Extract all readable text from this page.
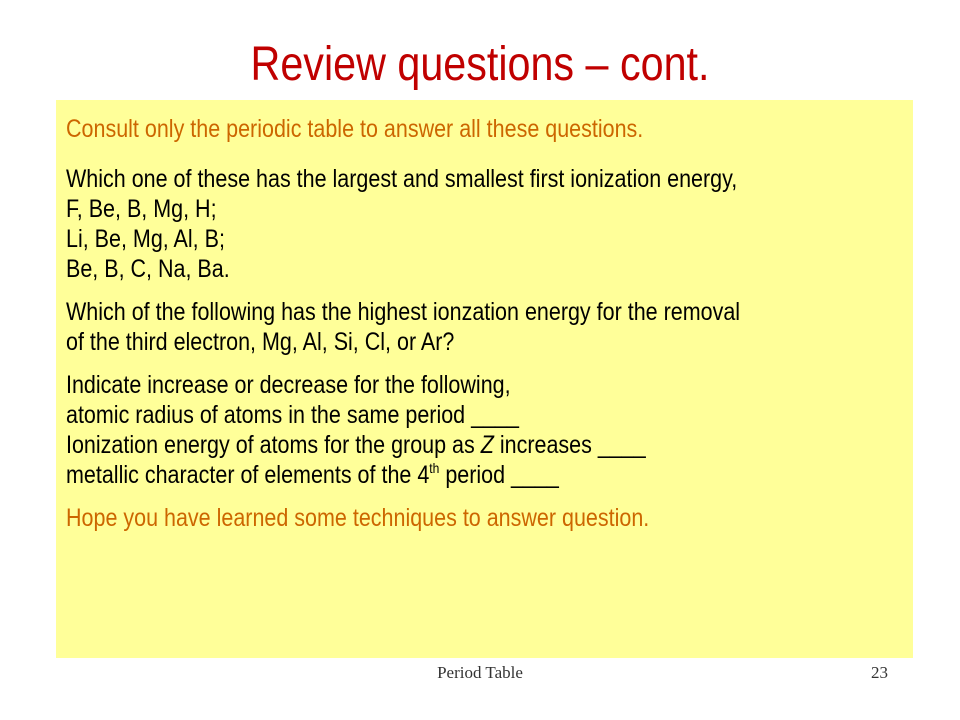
Review questions – cont.

Consult only the periodic table to answer all these questions.

Which one of these has the largest and smallest first ionization energy,

F, Be, B, Mg, H;

Li, Be, Mg, Al, B;

Be, B, C, Na, Ba.

Which of the following has the highest ionzation energy for the removal

of the third electron, Mg, Al, Si, Cl, or Ar?

Indicate increase or decrease for the following,

atomic radius of atoms in the same period ____

Ionization energy of atoms for the group as Z increases ____

metallic character of elements of the 4th period ____

Hope you have learned some techniques to answer question.

Period Table	23
